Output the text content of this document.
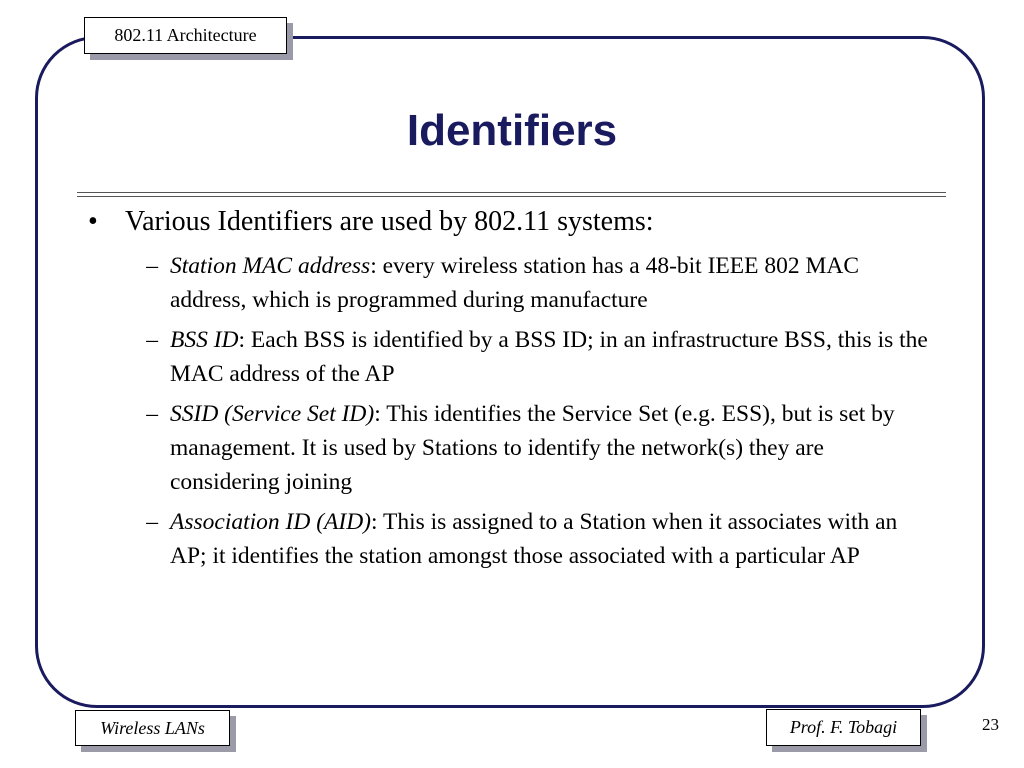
802.11 Architecture
Identifiers
• Various Identifiers are used by 802.11 systems:
– Station MAC address: every wireless station has a 48-bit IEEE 802 MAC address, which is programmed during manufacture
– BSS ID: Each BSS is identified by a BSS ID; in an infrastructure BSS, this is the MAC address of the AP
– SSID (Service Set ID): This identifies the Service Set (e.g. ESS), but is set by management. It is used by Stations to identify the network(s) they are considering joining
– Association ID (AID): This is assigned to a Station when it associates with an AP; it identifies the station amongst those associated with a particular AP
Wireless LANs	Prof. F. Tobagi	23
